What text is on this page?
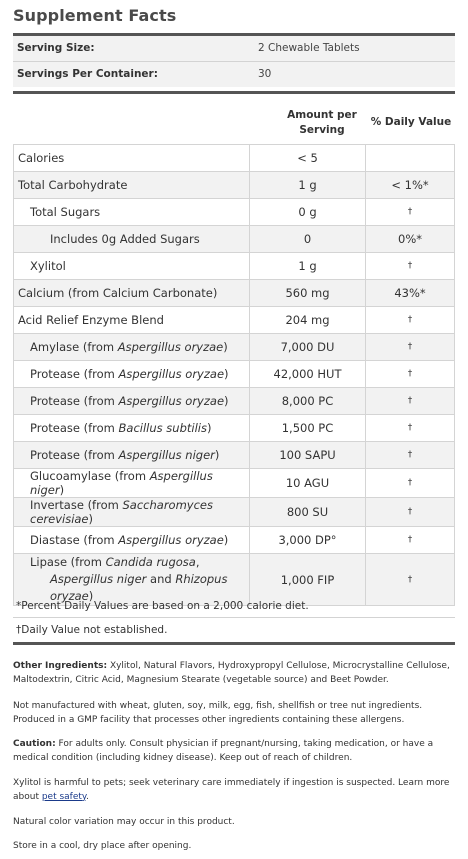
Supplement Facts
Serving Size:	2 Chewable Tablets
Servings Per Container:	30
Amount per
Serving
% Daily Value
Calories	< 5	
Total Carbohydrate	1 g	< 1%*
Total Sugars	0 g	†
Includes 0g Added Sugars	0	0%*
Xylitol	1 g	†
Calcium (from Calcium Carbonate)	560 mg	43%*
Acid Relief Enzyme Blend	204 mg	†
Amylase (from Aspergillus oryzae)	7,000 DU	†
Protease (from Aspergillus oryzae)	42,000 HUT	†
Protease (from Aspergillus oryzae)	8,000 PC	†
Protease (from Bacillus subtilis)	1,500 PC	†
Protease (from Aspergillus niger)	100 SAPU	†
Glucoamylase (from Aspergillus niger)	10 AGU	†
Invertase (from Saccharomyces cerevisiae)	800 SU	†
Diastase (from Aspergillus oryzae)	3,000 DP°	†
Lipase (from Candida rugosa,
Aspergillus niger and Rhizopus oryzae)	1,000 FIP	†
*Percent Daily Values are based on a 2,000 calorie diet.
†Daily Value not established.
Other Ingredients: Xylitol, Natural Flavors, Hydroxypropyl Cellulose, Microcrystalline Cellulose, Maltodextrin, Citric Acid, Magnesium Stearate (vegetable source) and Beet Powder.
Not manufactured with wheat, gluten, soy, milk, egg, fish, shellfish or tree nut ingredients. Produced in a GMP facility that processes other ingredients containing these allergens.
Caution: For adults only. Consult physician if pregnant/nursing, taking medication, or have a medical condition (including kidney disease). Keep out of reach of children.
Xylitol is harmful to pets; seek veterinary care immediately if ingestion is suspected. Learn more about pet safety.
Natural color variation may occur in this product.
Store in a cool, dry place after opening.
